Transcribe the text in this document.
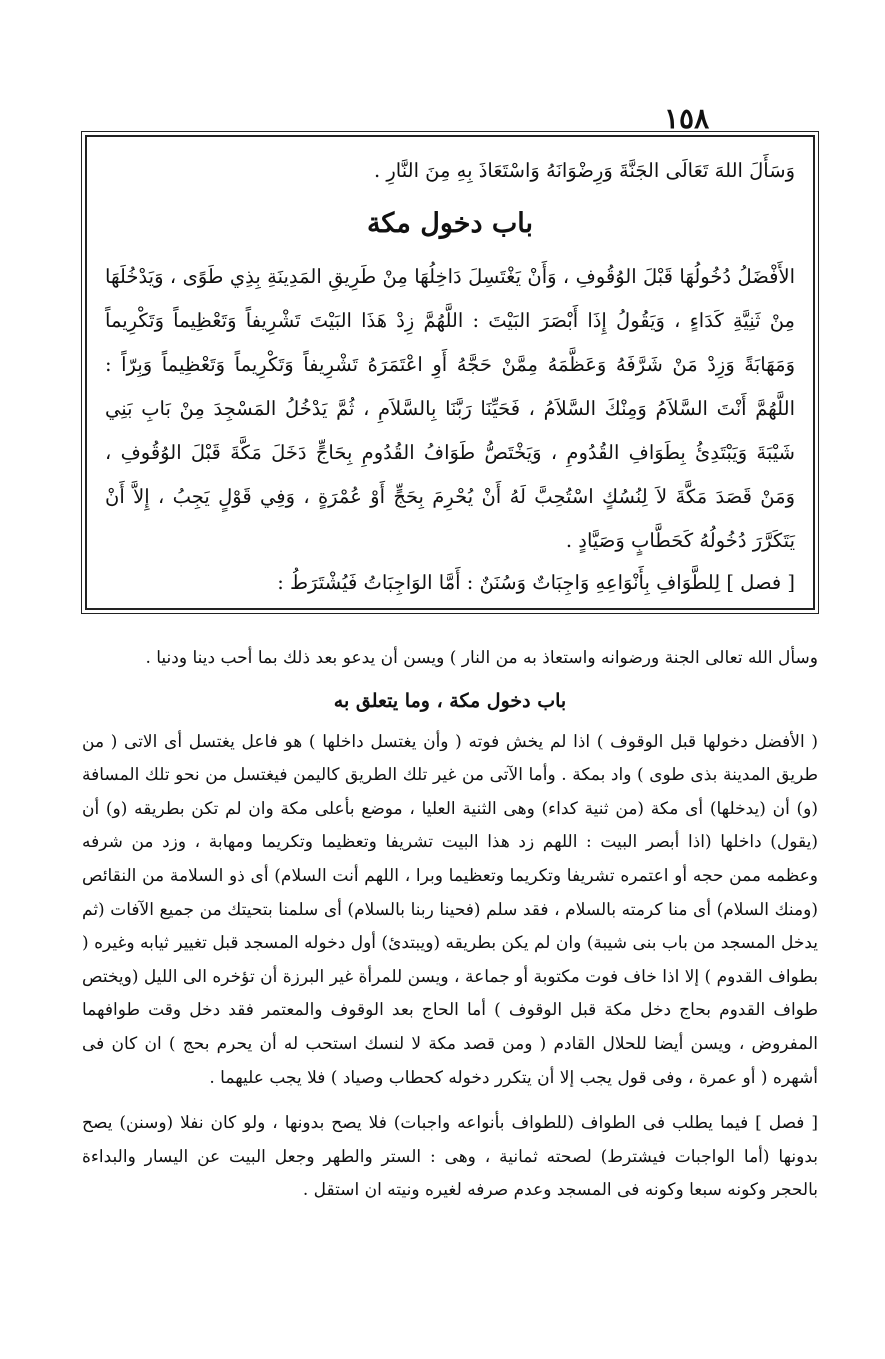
١٥٨

وَسَأَلَ اللهَ تَعَالَى الجَنَّةَ وَرِضْوَانَهُ وَاسْتَعَاذَ بِهِ مِنَ النَّارِ .

باب دخول مكة

الأَفْضَلُ دُخُولُهَا قَبْلَ الوُقُوفِ ، وَأَنْ يَغْتَسِلَ دَاخِلُهَا مِنْ طَرِيقِ المَدِينَةِ بِذِي طَوًى ، وَيَدْخُلَهَا مِنْ ثَنِيَّةِ كَدَاءٍ ، وَيَقُولُ إِذَا أَبْصَرَ البَيْتَ : اللَّهُمَّ زِدْ هَذَا البَيْتَ تَشْرِيفاً وَتَعْظِيماً وَتَكْرِيماً وَمَهَابَةً وَزِدْ مَنْ شَرَّفَهُ وَعَظَّمَهُ مِمَّنْ حَجَّهُ أَوِ اعْتَمَرَهُ تَشْرِيفاً وَتَكْرِيماً وَتَعْظِيماً وَبِرّاً : اللَّهُمَّ أَنْتَ السَّلاَمُ وَمِنْكَ السَّلاَمُ ، فَحَيِّنَا رَبَّنَا بِالسَّلاَمِ ، ثُمَّ يَدْخُلُ المَسْجِدَ مِنْ بَابِ بَنِي شَيْبَةَ وَيَبْتَدِئُ بِطَوَافِ القُدُومِ ، وَيَخْتَصُّ طَوَافُ القُدُومِ بِحَاجٍّ دَخَلَ مَكَّةَ قَبْلَ الوُقُوفِ ، وَمَنْ قَصَدَ مَكَّةَ لاَ لِنُسُكٍ اسْتُحِبَّ لَهُ أَنْ يُحْرِمَ بِحَجٍّ أَوْ عُمْرَةٍ ، وَفِي قَوْلٍ يَجِبُ ، إِلاَّ أَنْ يَتَكَرَّرَ دُخُولُهُ كَحَطَّابٍ وَصَيَّادٍ .

[ فصل ] لِلطَّوَافِ بِأَنْوَاعِهِ وَاجِبَاتٌ وَسُنَنٌ : أَمَّا الوَاجِبَاتُ فَيُشْتَرَطُ :

وسأل الله تعالى الجنة ورضوانه واستعاذ به من النار ) ويسن أن يدعو بعد ذلك بما أحب دينا ودنيا .

باب دخول مكة ، وما يتعلق به

( الأفضل دخولها قبل الوقوف ) اذا لم يخش فوته ( وأن يغتسل داخلها ) هو فاعل يغتسل أى الاتى ( من طريق المدينة بذى طوى ) واد بمكة . وأما الآتى من غير تلك الطريق كاليمن فيغتسل من نحو تلك المسافة (و) أن (يدخلها) أى مكة (من ثنية كداء) وهى الثنية العليا ، موضع بأعلى مكة وان لم تكن بطريقه (و) أن (يقول) داخلها (اذا أبصر البيت : اللهم زد هذا البيت تشريفا وتعظيما وتكريما ومهابة ، وزد من شرفه وعظمه ممن حجه أو اعتمره تشريفا وتكريما وتعظيما وبرا ، اللهم أنت السلام) أى ذو السلامة من النقائص (ومنك السلام) أى منا كرمته بالسلام ، فقد سلم (فحينا ربنا بالسلام) أى سلمنا بتحيتك من جميع الآفات (ثم يدخل المسجد من باب بنى شيبة) وان لم يكن بطريقه (ويبتدئ) أول دخوله المسجد قبل تغيير ثيابه وغيره ( بطواف القدوم ) إلا اذا خاف فوت مكتوبة أو جماعة ، ويسن للمرأة غير البرزة أن تؤخره الى الليل (ويختص طواف القدوم بحاج دخل مكة قبل الوقوف ) أما الحاج بعد الوقوف والمعتمر فقد دخل وقت طوافهما المفروض ، ويسن أيضا للحلال القادم ( ومن قصد مكة لا لنسك استحب له أن يحرم بحج ) ان كان فى أشهره ( أو عمرة ، وفى قول يجب إلا أن يتكرر دخوله كحطاب وصياد ) فلا يجب عليهما .

[ فصل ] فيما يطلب فى الطواف (للطواف بأنواعه واجبات) فلا يصح بدونها ، ولو كان نفلا (وسنن) يصح بدونها (أما الواجبات فيشترط) لصحته ثمانية ، وهى : الستر والطهر وجعل البيت عن اليسار والبداءة بالحجر وكونه سبعا وكونه فى المسجد وعدم صرفه لغيره ونيته ان استقل .
